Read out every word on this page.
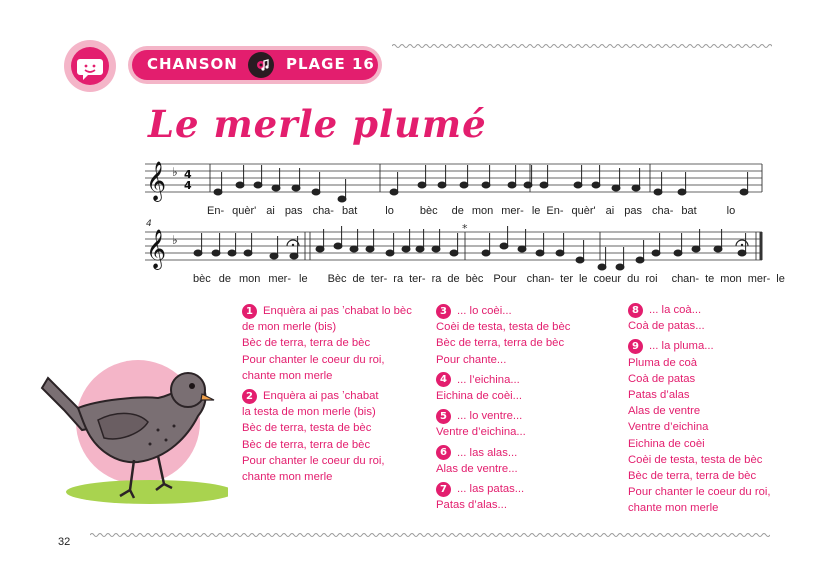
CHANSON	PLAGE 16
Le merle plumé
𝄞
𝄞
♭
♭
4
4
4	*
En- quèr' ai pas cha- bat	lo bèc de mon mer- le En- quèr' ai pas cha- bat	lo
bèc de mon mer- le Bèc de ter- ra ter- ra de bèc Pour chan- ter le coeur du roi chan- te mon mer- le
1 Enquèra ai pas ʼchabat lo bèc
de mon merle (bis)
Bèc de terra, terra de bèc
Pour chanter le coeur du roi,
chante mon merle
2 Enquèra ai pas ʼchabat
la testa de mon merle (bis)
Bèc de terra, testa de bèc
Bèc de terra, terra de bèc
Pour chanter le coeur du roi,
chante mon merle
3 ... lo coèi...
Coèi de testa, testa de bèc
Bèc de terra, terra de bèc
Pour chante...
4 ... l’eichina...
Eichina de coèi...
5 ... lo ventre...
Ventre d’eichina...
6 ... las alas...
Alas de ventre...
7 ... las patas...
Patas d’alas...
8 ... la coà...
Coà de patas...
9 ... la pluma...
Pluma de coà
Coà de patas
Patas d’alas
Alas de ventre
Ventre d’eichina
Eichina de coèi
Coèi de testa, testa de bèc
Bèc de terra, terra de bèc
Pour chanter le coeur du roi,
chante mon merle
32
